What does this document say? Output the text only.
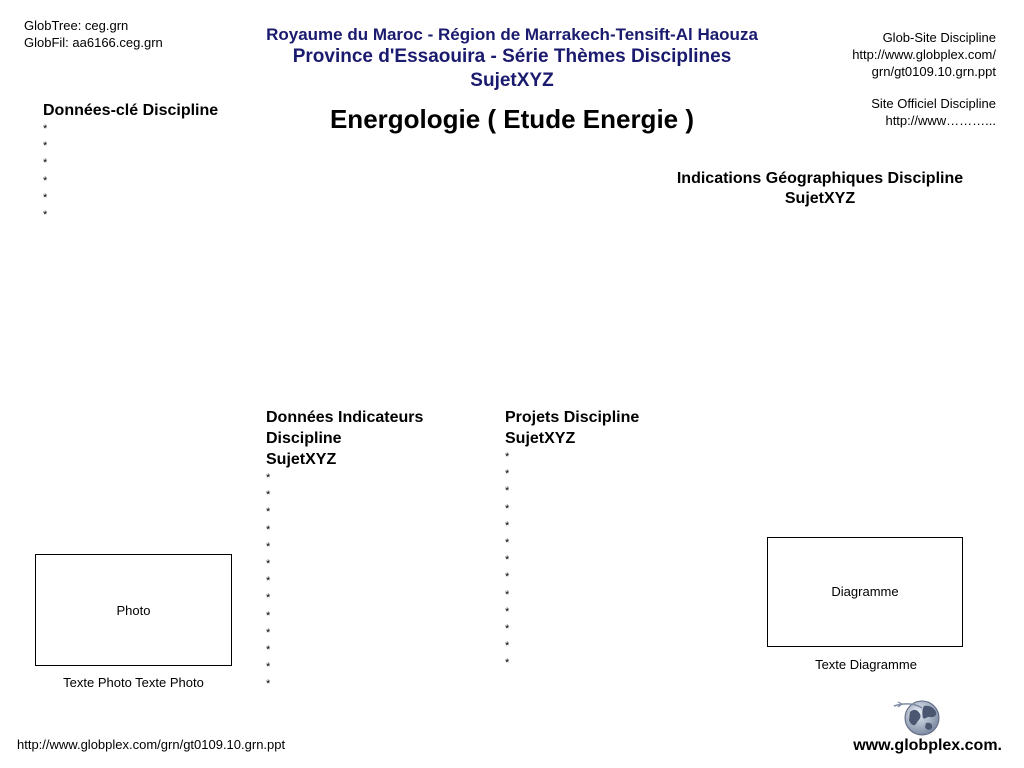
GlobTree: ceg.grn
GlobFil: aa6166.ceg.grn	Royaume du Maroc - Région de Marrakech-Tensift-Al Haouza
Province d'Essaouira - Série Thèmes Disciplines
SujetXYZ
Glob-Site Discipline
http://www.globplex.com/
grn/gt0109.10.grn.ppt
Site Officiel Discipline
http://www………...
Energologie ( Etude Energie )
Données-clé Discipline
*
*
*
*
*
*
Indications Géographiques Discipline
SujetXYZ
Données Indicateurs
Discipline
SujetXYZ
*
*
*
*
*
*
*
*
*
*
*
*
*
Projets Discipline
SujetXYZ
*
*
*
*
*
*
*
*
*
*
*
*
*
Photo
Texte Photo Texte Photo
Diagramme
Texte Diagramme
http://www.globplex.com/grn/gt0109.10.grn.ppt	www.globplex.com.
